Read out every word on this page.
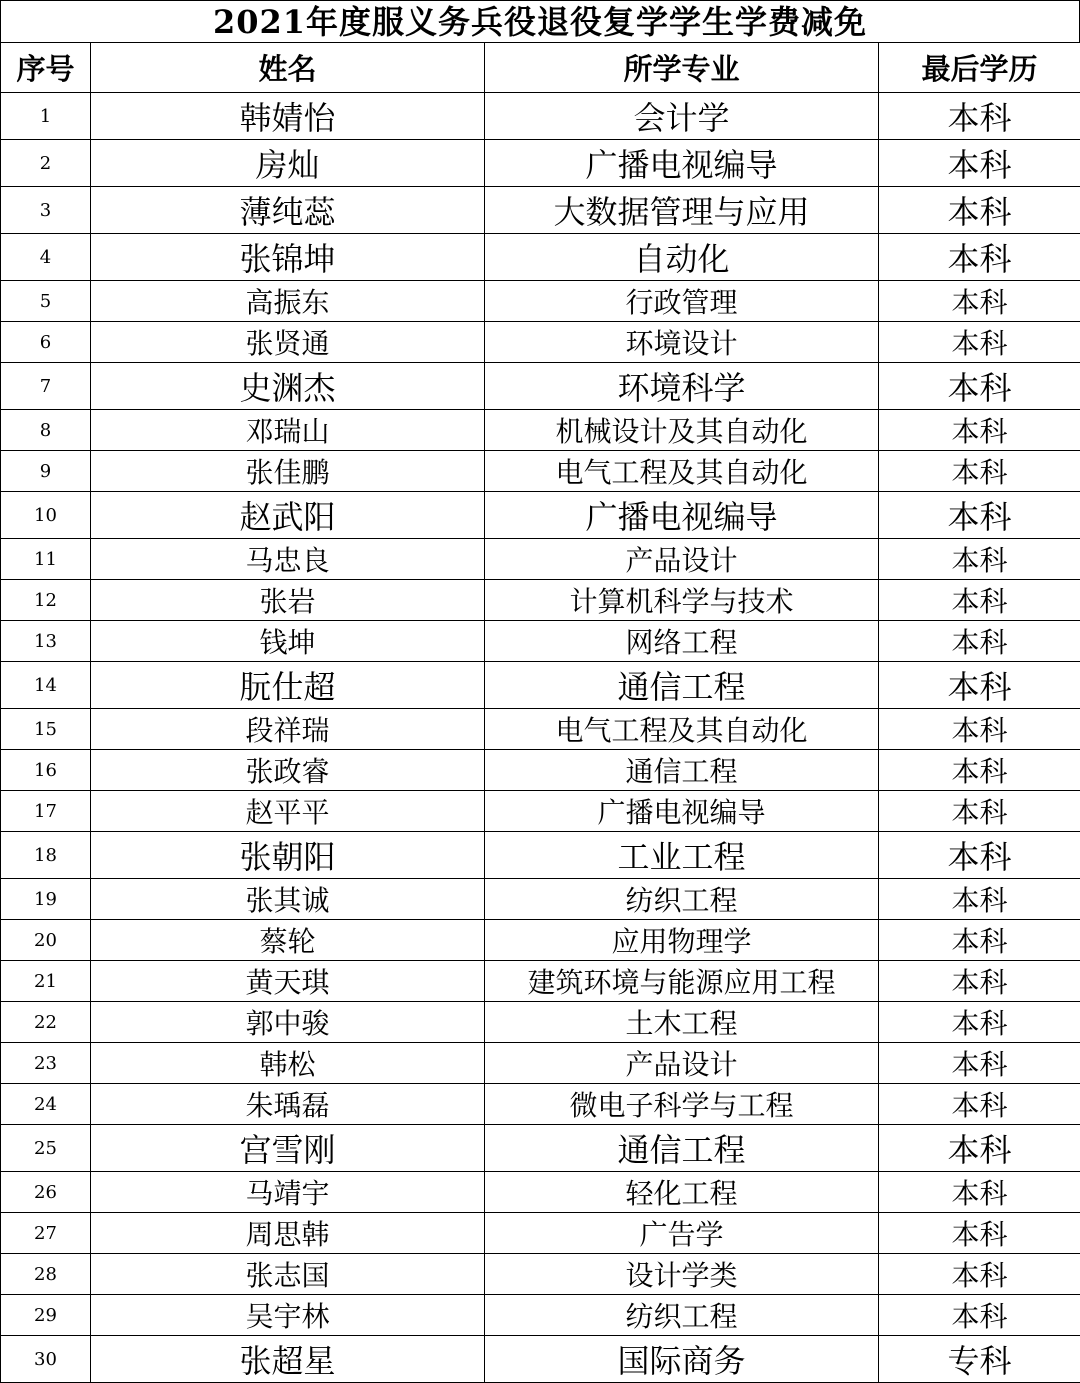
2021年度服义务兵役退役复学学生学费减免
序号	姓名	所学专业	最后学历
1	韩婧怡	会计学	本科
2	房灿	广播电视编导	本科
3	薄纯蕊	大数据管理与应用	本科
4	张锦坤	自动化	本科
5	高振东	行政管理	本科
6	张贤通	环境设计	本科
7	史渊杰	环境科学	本科
8	邓瑞山	机械设计及其自动化	本科
9	张佳鹏	电气工程及其自动化	本科
10	赵武阳	广播电视编导	本科
11	马忠良	产品设计	本科
12	张岩	计算机科学与技术	本科
13	钱坤	网络工程	本科
14	朊仕超	通信工程	本科
15	段祥瑞	电气工程及其自动化	本科
16	张政睿	通信工程	本科
17	赵平平	广播电视编导	本科
18	张朝阳	工业工程	本科
19	张其诚	纺织工程	本科
20	蔡轮	应用物理学	本科
21	黄天琪	建筑环境与能源应用工程	本科
22	郭中骏	土木工程	本科
23	韩松	产品设计	本科
24	朱瑀磊	微电子科学与工程	本科
25	宫雪刚	通信工程	本科
26	马靖宇	轻化工程	本科
27	周思韩	广告学	本科
28	张志国	设计学类	本科
29	吴宇林	纺织工程	本科
30	张超星	国际商务	专科
